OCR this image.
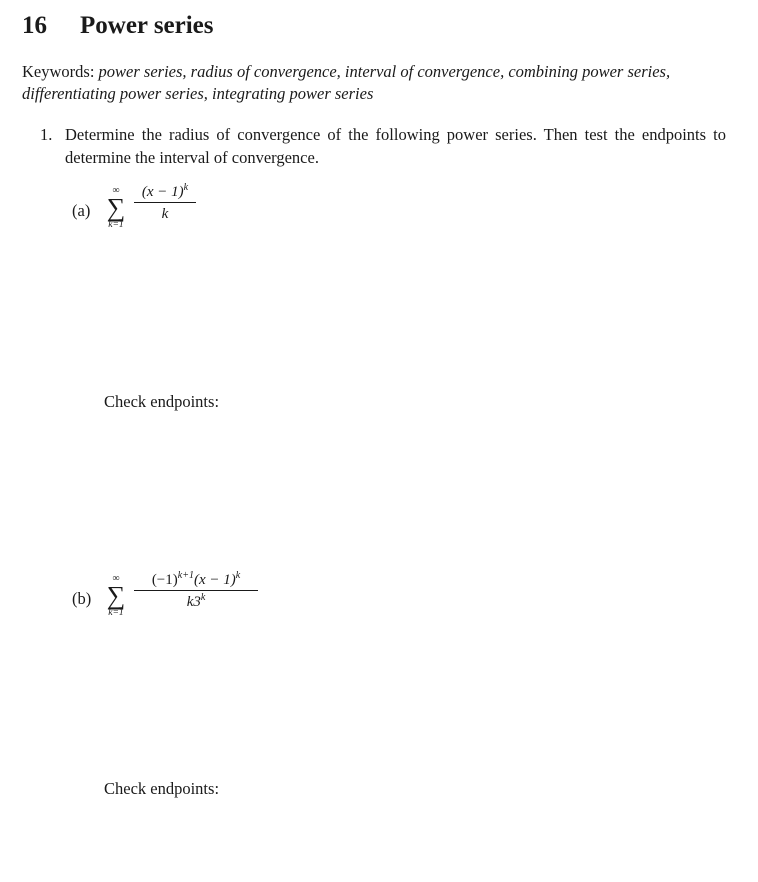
16 Power series
Keywords: power series, radius of convergence, interval of convergence, combining power series, differentiating power series, integrating power series
1. Determine the radius of convergence of the following power series. Then test the endpoints to determine the interval of convergence.
(a)
∞
∑
k=1
$(x - 1)^k$
k
Check endpoints:
(b)
∞
∑
k=1
$(-1)^{k+1}(x - 1)^k$
k3$^k$
Check endpoints:
